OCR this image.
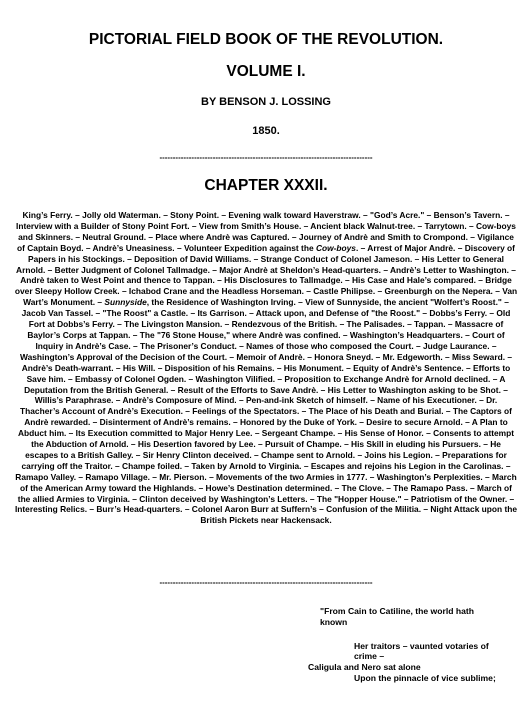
PICTORIAL FIELD BOOK OF THE REVOLUTION.
VOLUME I.
BY BENSON J. LOSSING
1850.
--------------------------------------------------------------------------------
CHAPTER XXXII.

King’s Ferry. – Jolly old Waterman. – Stony Point. – Evening walk toward Haverstraw. – "God’s Acre." – Benson’s Tavern. – Interview with a Builder of Stony Point Fort. – View from Smith’s House. – Ancient black Walnut-tree. – Tarrytown. – Cow-boys and Skinners. – Neutral Ground. – Place where Andrè was Captured. – Journey of Andrè and Smith to Crompond. – Vigilance of Captain Boyd. – Andrè’s Uneasiness. – Volunteer Expedition against the Cow-boys. – Arrest of Major Andrè. – Discovery of Papers in his Stockings. – Deposition of David Williams. – Strange Conduct of Colonel Jameson. – His Letter to General Arnold. – Better Judgment of Colonel Tallmadge. – Major Andrè at Sheldon’s Head-quarters. – Andrè’s Letter to Washington. – Andrè taken to West Point and thence to Tappan. – His Disclosures to Tallmadge. – His Case and Hale’s compared. – Bridge over Sleepy Hollow Creek. – Ichabod Crane and the Headless Horseman. – Castle Philipse. – Greenburgh on the Nepera. – Van Wart’s Monument. – Sunnyside, the Residence of Washington Irving. – View of Sunnyside, the ancient "Wolfert’s Roost." – Jacob Van Tassel. – "The Roost" a Castle. – Its Garrison. – Attack upon, and Defense of "the Roost." – Dobbs’s Ferry. – Old Fort at Dobbs’s Ferry. – The Livingston Mansion. – Rendezvous of the British. – The Palisades. – Tappan. – Massacre of Baylor’s Corps at Tappan. – The "76 Stone House," where Andrè was confined. – Washington’s Headquarters. – Court of Inquiry in Andrè’s Case. – The Prisoner’s Conduct. – Names of those who composed the Court. – Judge Laurance. – Washington’s Approval of the Decision of the Court. – Memoir of Andrè. – Honora Sneyd. – Mr. Edgeworth. – Miss Seward. – Andrè’s Death-warrant. – His Will. – Disposition of his Remains. – His Monument. – Equity of Andrè’s Sentence. – Efforts to Save him. – Embassy of Colonel Ogden. – Washington Vilified. – Proposition to Exchange Andrè for Arnold declined. – A Deputation from the British General. – Result of the Efforts to Save Andrè. – His Letter to Washington asking to be Shot. – Willis’s Paraphrase. – Andrè’s Composure of Mind. – Pen-and-ink Sketch of himself. – Name of his Executioner. – Dr. Thacher’s Account of Andrè’s Execution. – Feelings of the Spectators. – The Place of his Death and Burial. – The Captors of Andrè rewarded. – Disinterment of Andrè’s remains. – Honored by the Duke of York. – Desire to secure Arnold. – A Plan to Abduct him. – Its Execution committed to Major Henry Lee. – Sergeant Champe. – His Sense of Honor. – Consents to attempt the Abduction of Arnold. – His Desertion favored by Lee. – Pursuit of Champe. – His Skill in eluding his Pursuers. – He escapes to a British Galley. – Sir Henry Clinton deceived. – Champe sent to Arnold. – Joins his Legion. – Preparations for carrying off the Traitor. – Champe foiled. – Taken by Arnold to Virginia. – Escapes and rejoins his Legion in the Carolinas. – Ramapo Valley. – Ramapo Village. – Mr. Pierson. – Movements of the two Armies in 1777. – Washington’s Perplexities. – March of the American Army toward the Highlands. – Howe’s Destination determined. – The Clove. – The Ramapo Pass. – March of the allied Armies to Virginia. – Clinton deceived by Washington’s Letters. – The "Hopper House." – Patriotism of the Owner. – Interesting Relics. – Burr’s Head-quarters. – Colonel Aaron Burr at Suffern’s – Confusion of the Militia. – Night Attack upon the British Pickets near Hackensack.

--------------------------------------------------------------------------------
"From Cain to Catiline, the world hath
known
Her traitors – vaunted votaries of
crime –
Caligula and Nero sat alone
Upon the pinnacle of vice sublime;
